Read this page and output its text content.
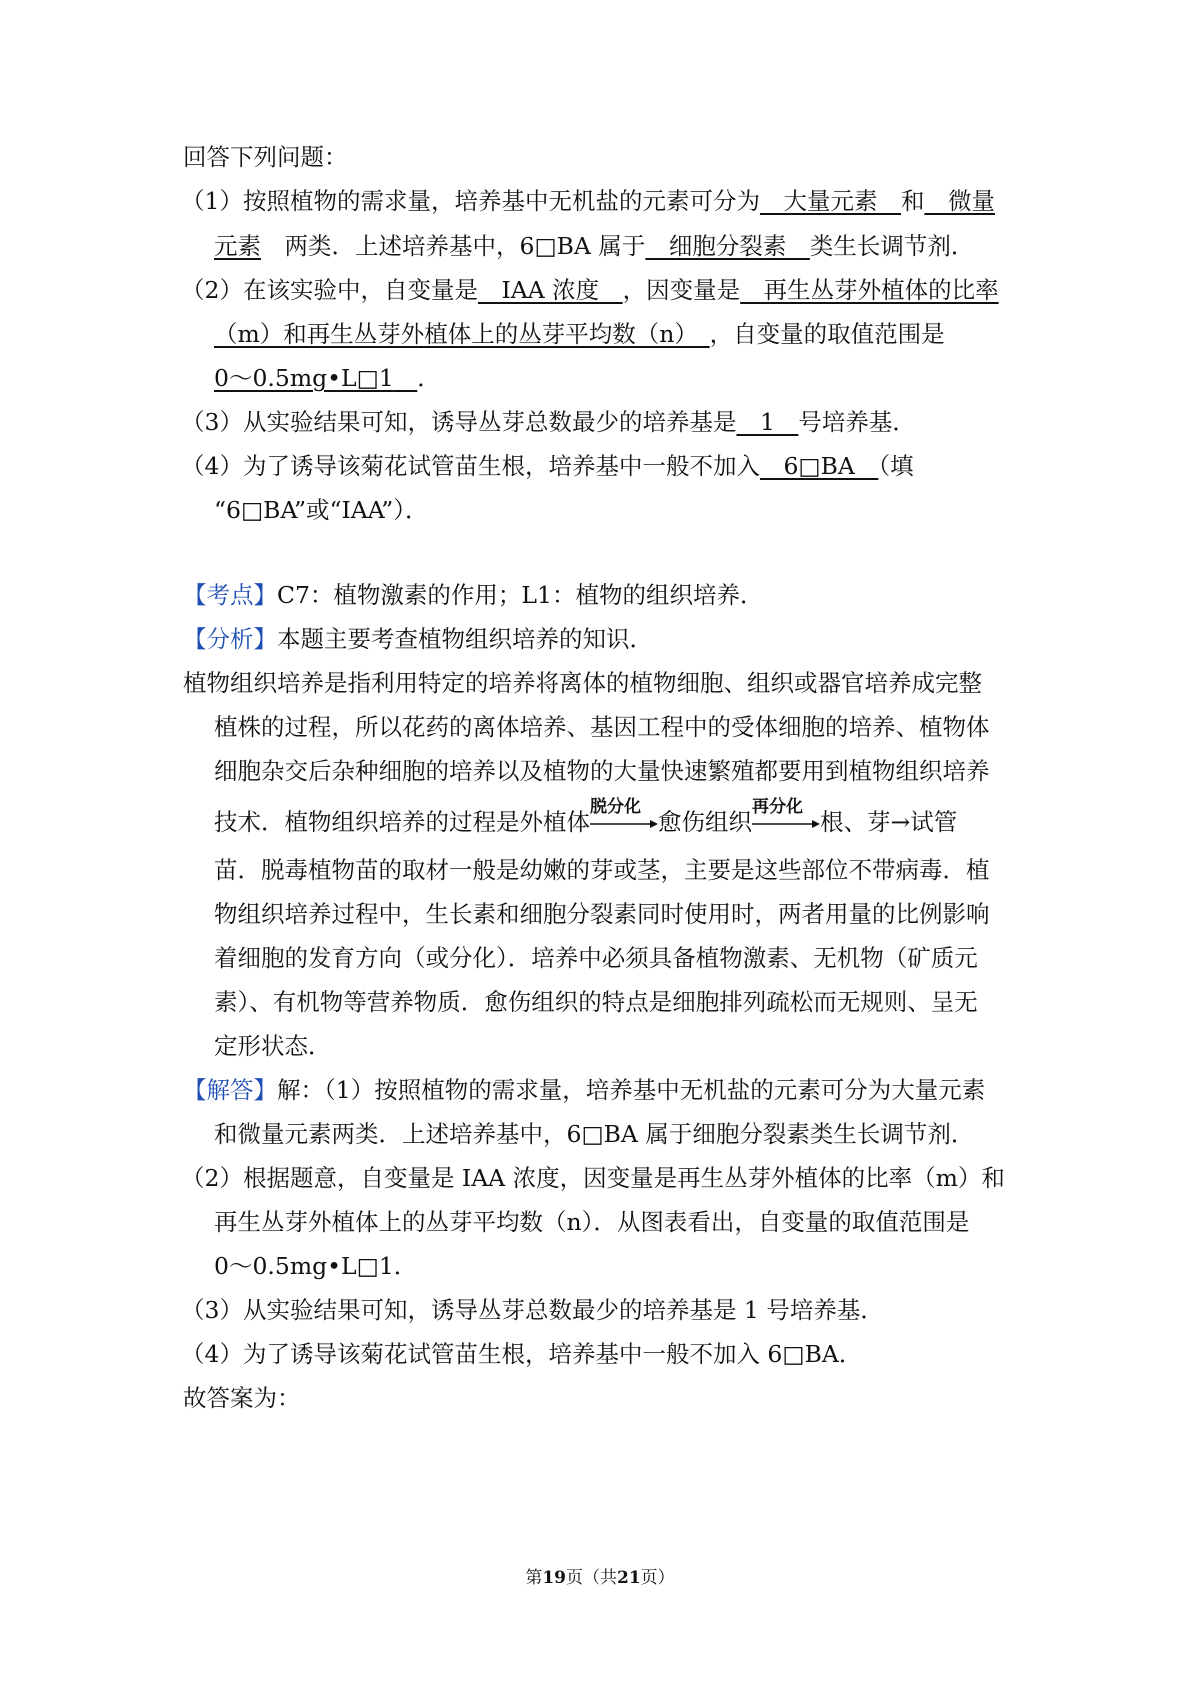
回答下列问题：
（1）按照植物的需求量，培养基中无机盐的元素可分为　大量元素　和　微量
元素　两类．上述培养基中，6□BA 属于　细胞分裂素　类生长调节剂．
（2）在该实验中，自变量是　IAA 浓度　，因变量是　再生丛芽外植体的比率
（m）和再生丛芽外植体上的丛芽平均数（n）　，自变量的取值范围是
0～0.5mg•L□1　 ．
（3）从实验结果可知，诱导丛芽总数最少的培养基是　1　号培养基．
（4）为了诱导该菊花试管苗生根，培养基中一般不加入　6□BA　（填
“6□BA”或“IAA”）．
【考点】C7：植物激素的作用；L1：植物的组织培养．
【分析】本题主要考查植物组织培养的知识．
植物组织培养是指利用特定的培养将离体的植物细胞、组织或器官培养成完整
植株的过程，所以花药的离体培养、基因工程中的受体细胞的培养、植物体
细胞杂交后杂种细胞的培养以及植物的大量快速繁殖都要用到植物组织培养
技术．植物组织培养的过程是外植体
脱分化
愈伤组织
再分化
根、芽→试管
苗．脱毒植物苗的取材一般是幼嫩的芽或茎，主要是这些部位不带病毒．植
物组织培养过程中，生长素和细胞分裂素同时使用时，两者用量的比例影响
着细胞的发育方向（或分化）．培养中必须具备植物激素、无机物（矿质元
素）、有机物等营养物质．愈伤组织的特点是细胞排列疏松而无规则、呈无
定形状态．
【解答】解：（1）按照植物的需求量，培养基中无机盐的元素可分为大量元素
和微量元素两类．上述培养基中，6□BA 属于细胞分裂素类生长调节剂．
（2）根据题意，自变量是 IAA 浓度，因变量是再生丛芽外植体的比率（m）和
再生丛芽外植体上的丛芽平均数（n）．从图表看出，自变量的取值范围是
0～0.5mg•L□1．
（3）从实验结果可知，诱导丛芽总数最少的培养基是 1 号培养基．
（4）为了诱导该菊花试管苗生根，培养基中一般不加入 6□BA．
故答案为：
第19页（共21页）
